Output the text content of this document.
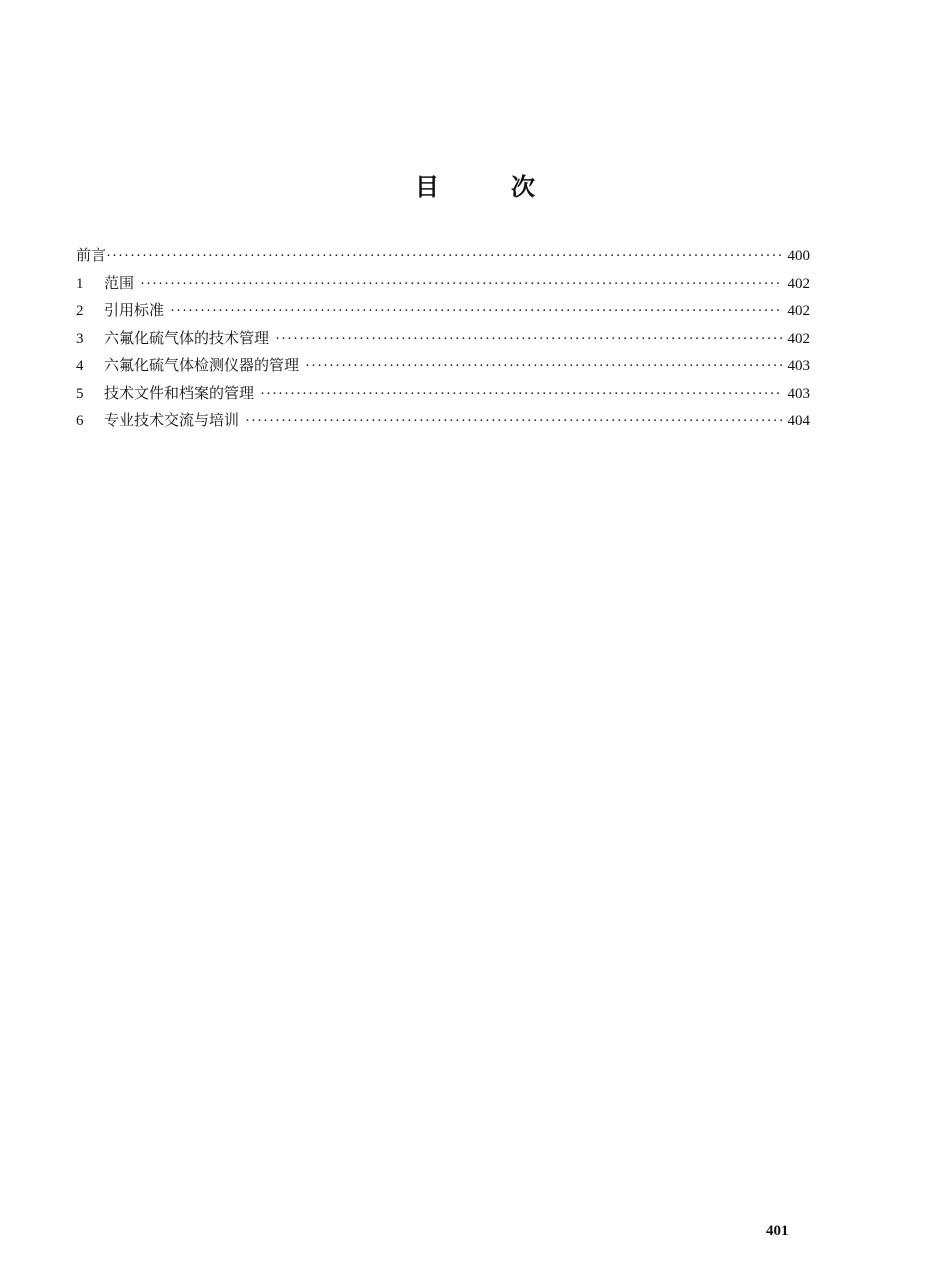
目	次
前言 ·····	400
1	范围 ·····	402
2	引用标准 ·····	402
3	六氟化硫气体的技术管理 ·····	402
4	六氟化硫气体检测仪器的管理 ·····	403
5	技术文件和档案的管理 ·····	403
6	专业技术交流与培训 ·····	404
401
